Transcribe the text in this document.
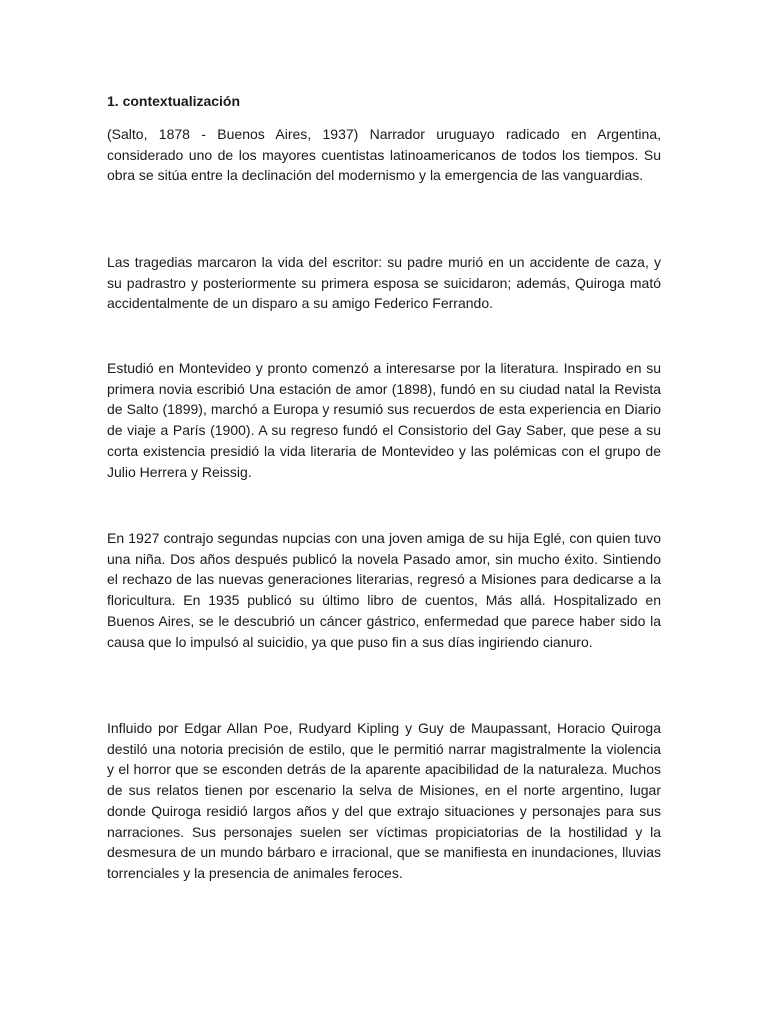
1. contextualización

(Salto, 1878 - Buenos Aires, 1937) Narrador uruguayo radicado en Argentina, considerado uno de los mayores cuentistas latinoamericanos de todos los tiempos. Su obra se sitúa entre la declinación del modernismo y la emergencia de las vanguardias.

Las tragedias marcaron la vida del escritor: su padre murió en un accidente de caza, y su padrastro y posteriormente su primera esposa se suicidaron; además, Quiroga mató accidentalmente de un disparo a su amigo Federico Ferrando.

Estudió en Montevideo y pronto comenzó a interesarse por la literatura. Inspirado en su primera novia escribió Una estación de amor (1898), fundó en su ciudad natal la Revista de Salto (1899), marchó a Europa y resumió sus recuerdos de esta experiencia en Diario de viaje a París (1900). A su regreso fundó el Consistorio del Gay Saber, que pese a su corta existencia presidió la vida literaria de Montevideo y las polémicas con el grupo de Julio Herrera y Reissig.

En 1927 contrajo segundas nupcias con una joven amiga de su hija Eglé, con quien tuvo una niña. Dos años después publicó la novela Pasado amor, sin mucho éxito. Sintiendo el rechazo de las nuevas generaciones literarias, regresó a Misiones para dedicarse a la floricultura. En 1935 publicó su último libro de cuentos, Más allá. Hospitalizado en Buenos Aires, se le descubrió un cáncer gástrico, enfermedad que parece haber sido la causa que lo impulsó al suicidio, ya que puso fin a sus días ingiriendo cianuro.

Influido por Edgar Allan Poe, Rudyard Kipling y Guy de Maupassant, Horacio Quiroga destiló una notoria precisión de estilo, que le permitió narrar magistralmente la violencia y el horror que se esconden detrás de la aparente apacibilidad de la naturaleza. Muchos de sus relatos tienen por escenario la selva de Misiones, en el norte argentino, lugar donde Quiroga residió largos años y del que extrajo situaciones y personajes para sus narraciones. Sus personajes suelen ser víctimas propiciatorias de la hostilidad y la desmesura de un mundo bárbaro e irracional, que se manifiesta en inundaciones, lluvias torrenciales y la presencia de animales feroces.
